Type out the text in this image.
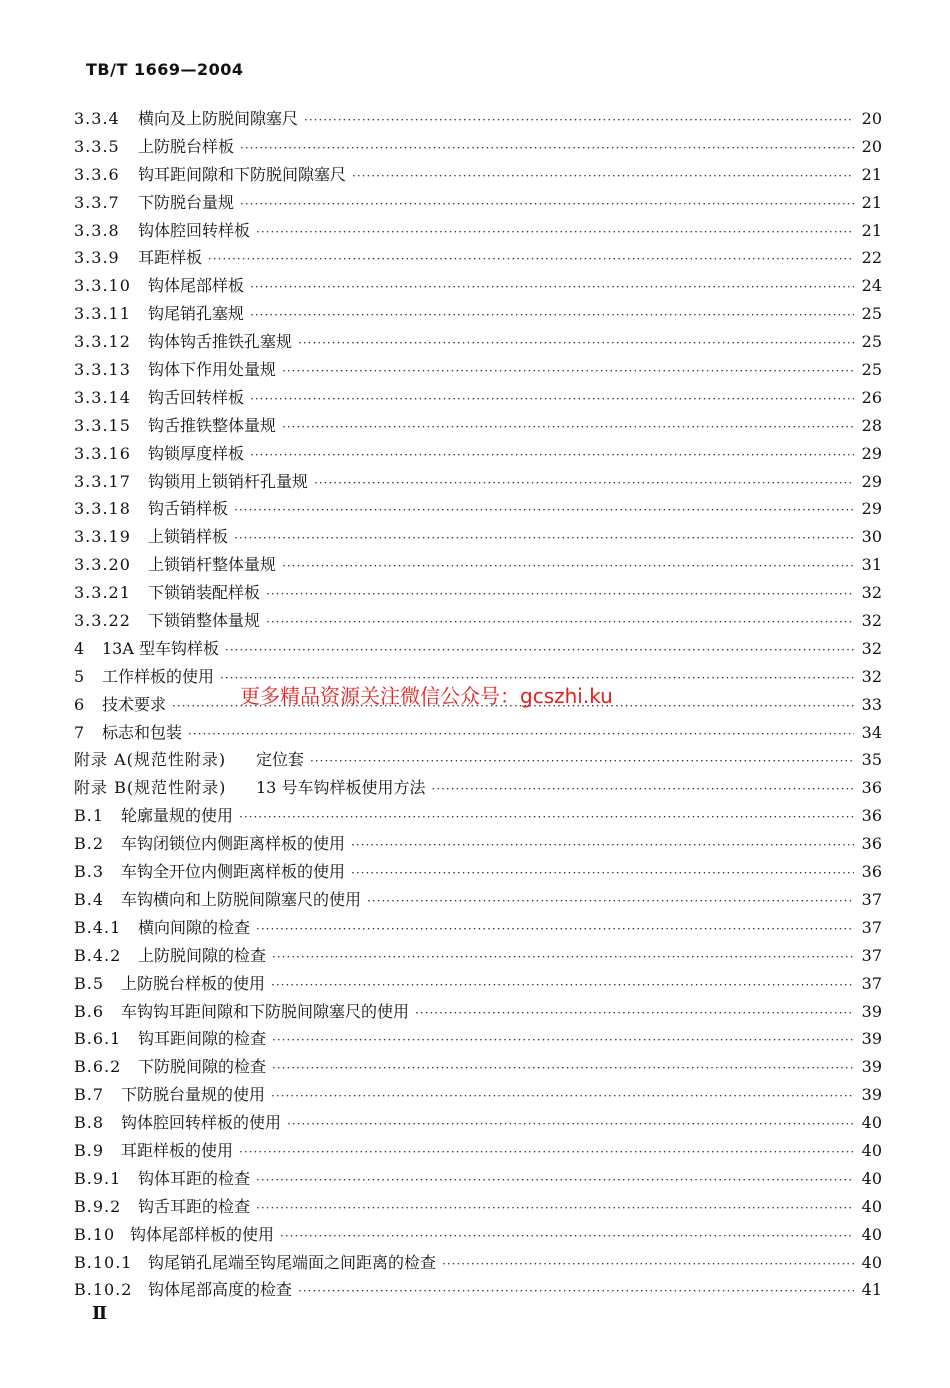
TB/T 1669—2004
3.3.4	横向及上防脱间隙塞尺 ·····	20
3.3.5	上防脱台样板 ·····	20
3.3.6	钩耳距间隙和下防脱间隙塞尺 ·····	21
3.3.7	下防脱台量规 ·····	21
3.3.8	钩体腔回转样板 ·····	21
3.3.9	耳距样板 ·····	22
3.3.10	钩体尾部样板 ·····	24
3.3.11	钩尾销孔塞规 ·····	25
3.3.12	钩体钩舌推铁孔塞规 ·····	25
3.3.13	钩体下作用处量规 ·····	25
3.3.14	钩舌回转样板 ·····	26
3.3.15	钩舌推铁整体量规 ·····	28
3.3.16	钩锁厚度样板 ·····	29
3.3.17	钩锁用上锁销杆孔量规 ·····	29
3.3.18	钩舌销样板 ·····	29
3.3.19	上锁销样板 ·····	30
3.3.20	上锁销杆整体量规 ·····	31
3.3.21	下锁销装配样板 ·····	32
3.3.22	下锁销整体量规 ·····	32
4	13A 型车钩样板 ·····	32
5	工作样板的使用 ·····	32
6	技术要求 ·····	33
7	标志和包装 ·····	34
附录 A(规范性附录)	定位套 ·····	35
附录 B(规范性附录)	13 号车钩样板使用方法 ·····	36
B.1	轮廓量规的使用 ·····	36
B.2	车钩闭锁位内侧距离样板的使用 ·····	36
B.3	车钩全开位内侧距离样板的使用 ·····	36
B.4	车钩横向和上防脱间隙塞尺的使用 ·····	37
B.4.1	横向间隙的检查 ·····	37
B.4.2	上防脱间隙的检查 ·····	37
B.5	上防脱台样板的使用 ·····	37
B.6	车钩钩耳距间隙和下防脱间隙塞尺的使用 ·····	39
B.6.1	钩耳距间隙的检查 ·····	39
B.6.2	下防脱间隙的检查 ·····	39
B.7	下防脱台量规的使用 ·····	39
B.8	钩体腔回转样板的使用 ·····	40
B.9	耳距样板的使用 ·····	40
B.9.1	钩体耳距的检查 ·····	40
B.9.2	钩舌耳距的检查 ·····	40
B.10 钩体尾部样板的使用 ·····	40
B.10.1 钩尾销孔尾端至钩尾端面之间距离的检查 ·····	40
B.10.2 钩体尾部高度的检查 ·····	41
更多精品资源关注微信公众号：gcszhi.ku
Ⅱ
